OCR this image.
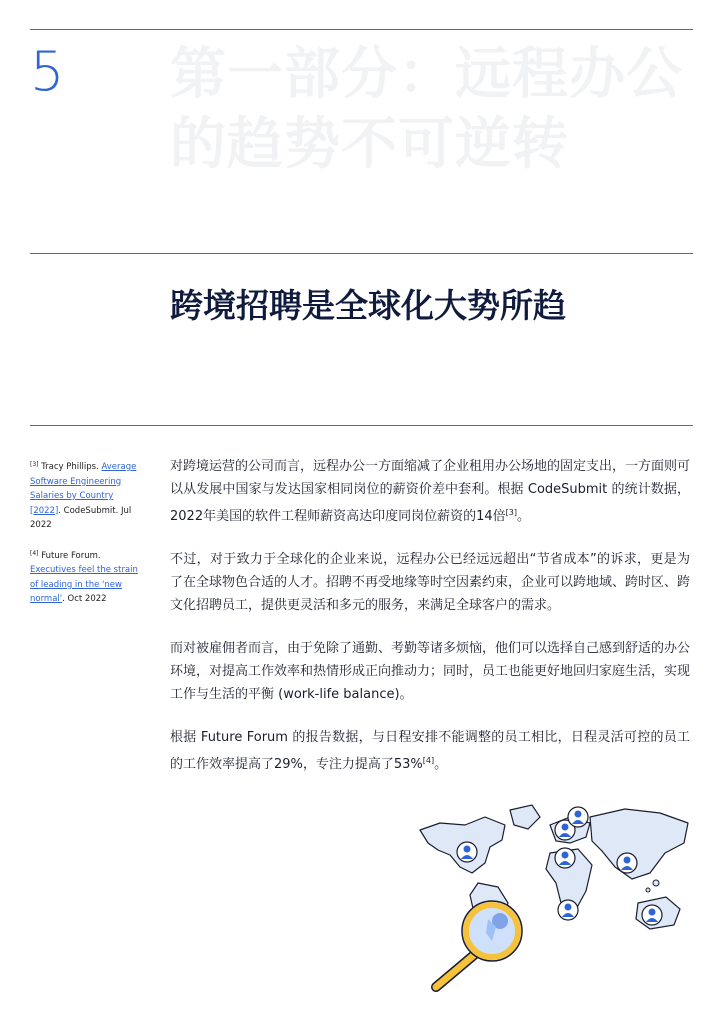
5 第一部分：远程办公
的趋势不可逆转
跨境招聘是全球化大势所趋

[3] Tracy Phillips. Average Software Engineering Salaries by Country [2022]. CodeSubmit. Jul 2022

[4] Future Forum. Executives feel the strain of leading in the 'new normal'. Oct 2022

对跨境运营的公司而言，远程办公一方面缩减了企业租用办公场地的固定支出，一方面则可以从发展中国家与发达国家相同岗位的薪资价差中套利。根据 CodeSubmit 的统计数据，2022年美国的软件工程师薪资高达印度同岗位薪资的14倍[3]。

不过，对于致力于全球化的企业来说，远程办公已经远远超出“节省成本”的诉求，更是为了在全球物色合适的人才。招聘不再受地缘等时空因素约束，企业可以跨地域、跨时区、跨文化招聘员工，提供更灵活和多元的服务，来满足全球客户的需求。

而对被雇佣者而言，由于免除了通勤、考勤等诸多烦恼，他们可以选择自己感到舒适的办公环境，对提高工作效率和热情形成正向推动力；同时，员工也能更好地回归家庭生活，实现工作与生活的平衡 (work-life balance)。

根据 Future Forum 的报告数据，与日程安排不能调整的员工相比，日程灵活可控的员工的工作效率提高了29%，专注力提高了53%[4]。
